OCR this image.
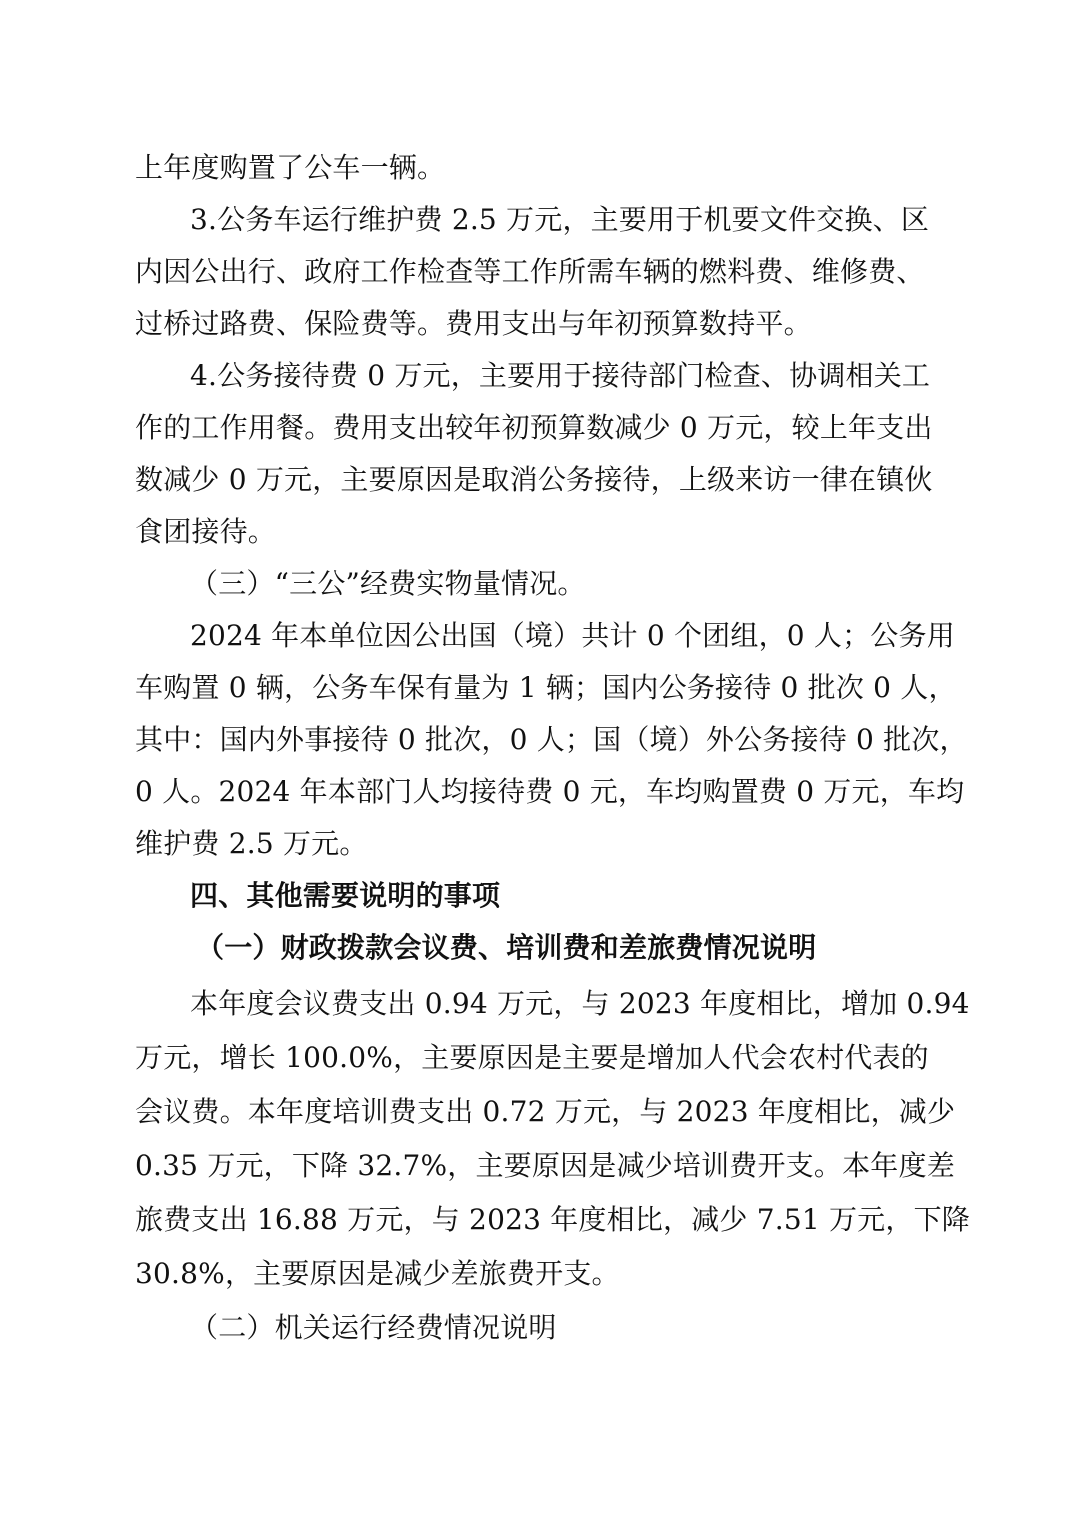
上年度购置了公车一辆。
3.公务车运行维护费 2.5 万元，主要用于机要文件交换、区
内因公出行、政府工作检查等工作所需车辆的燃料费、维修费、
过桥过路费、保险费等。费用支出与年初预算数持平。
4.公务接待费 0 万元，主要用于接待部门检查、协调相关工
作的工作用餐。费用支出较年初预算数减少 0 万元，较上年支出
数减少 0 万元，主要原因是取消公务接待，上级来访一律在镇伙
食团接待。
（三）“三公”经费实物量情况。
2024 年本单位因公出国（境）共计 0 个团组，0 人；公务用
车购置 0 辆，公务车保有量为 1 辆；国内公务接待 0 批次 0 人，
其中：国内外事接待 0 批次，0 人；国（境）外公务接待 0 批次，
0 人。2024 年本部门人均接待费 0 元，车均购置费 0 万元，车均
维护费 2.5 万元。
四、其他需要说明的事项
（一）财政拨款会议费、培训费和差旅费情况说明
本年度会议费支出 0.94 万元，与 2023 年度相比，增加 0.94
万元，增长 100.0%，主要原因是主要是增加人代会农村代表的
会议费。本年度培训费支出 0.72 万元，与 2023 年度相比，减少
0.35 万元，下降 32.7%，主要原因是减少培训费开支。本年度差
旅费支出 16.88 万元，与 2023 年度相比，减少 7.51 万元，下降
30.8%，主要原因是减少差旅费开支。
（二）机关运行经费情况说明
